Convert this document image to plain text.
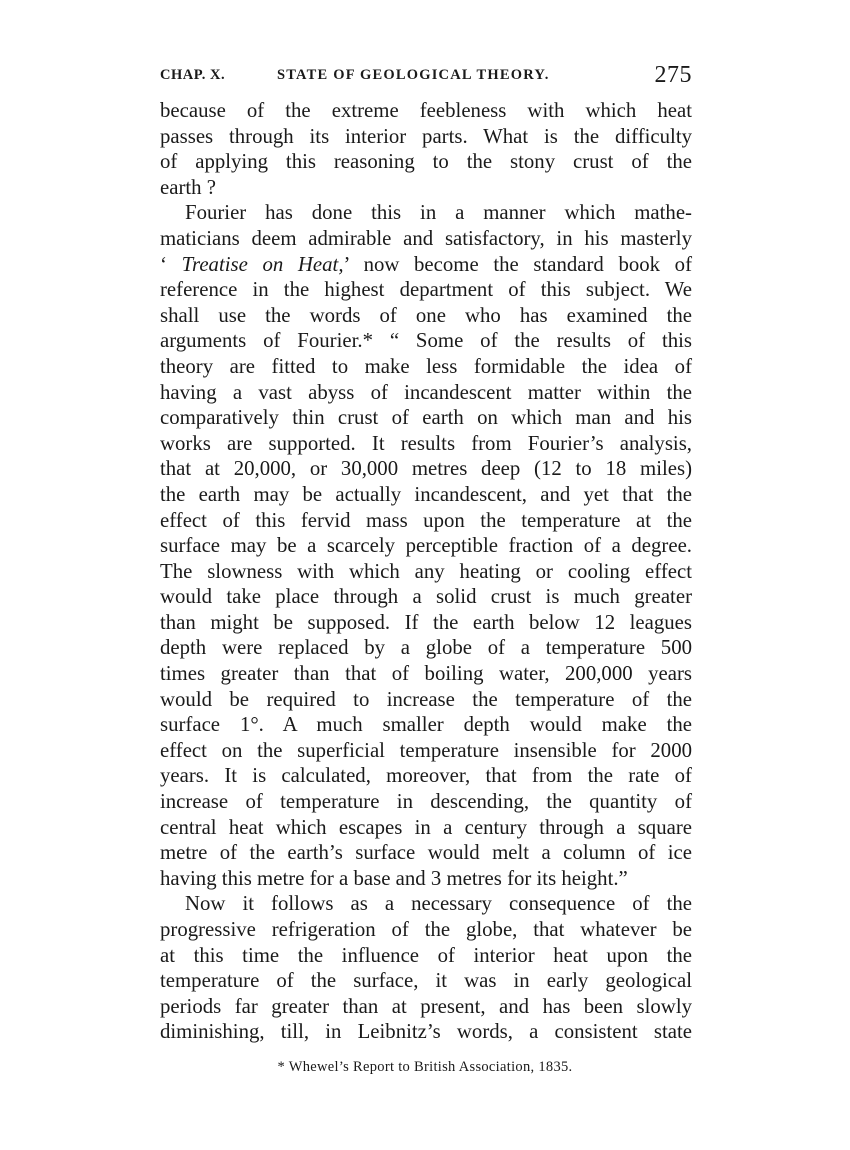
CHAP. X.	STATE OF GEOLOGICAL THEORY.	275
because of the extreme feebleness with which heat
passes through its interior parts. What is the difficulty
of applying this reasoning to the stony crust of the
earth ?
Fourier has done this in a manner which mathe-
maticians deem admirable and satisfactory, in his masterly
‘ Treatise on Heat,’ now become the standard book of
reference in the highest department of this subject. We
shall use the words of one who has examined the
arguments of Fourier.* “ Some of the results of this
theory are fitted to make less formidable the idea of
having a vast abyss of incandescent matter within the
comparatively thin crust of earth on which man and his
works are supported. It results from Fourier’s analysis,
that at 20,000, or 30,000 metres deep (12 to 18 miles)
the earth may be actually incandescent, and yet that the
effect of this fervid mass upon the temperature at the
surface may be a scarcely perceptible fraction of a degree.
The slowness with which any heating or cooling effect
would take place through a solid crust is much greater
than might be supposed. If the earth below 12 leagues
depth were replaced by a globe of a temperature 500
times greater than that of boiling water, 200,000 years
would be required to increase the temperature of the
surface 1°. A much smaller depth would make the
effect on the superficial temperature insensible for 2000
years. It is calculated, moreover, that from the rate of
increase of temperature in descending, the quantity of
central heat which escapes in a century through a square
metre of the earth’s surface would melt a column of ice
having this metre for a base and 3 metres for its height.”
Now it follows as a necessary consequence of the
progressive refrigeration of the globe, that whatever be
at this time the influence of interior heat upon the
temperature of the surface, it was in early geological
periods far greater than at present, and has been slowly
diminishing, till, in Leibnitz’s words, a consistent state
* Whewel’s Report to British Association, 1835.
